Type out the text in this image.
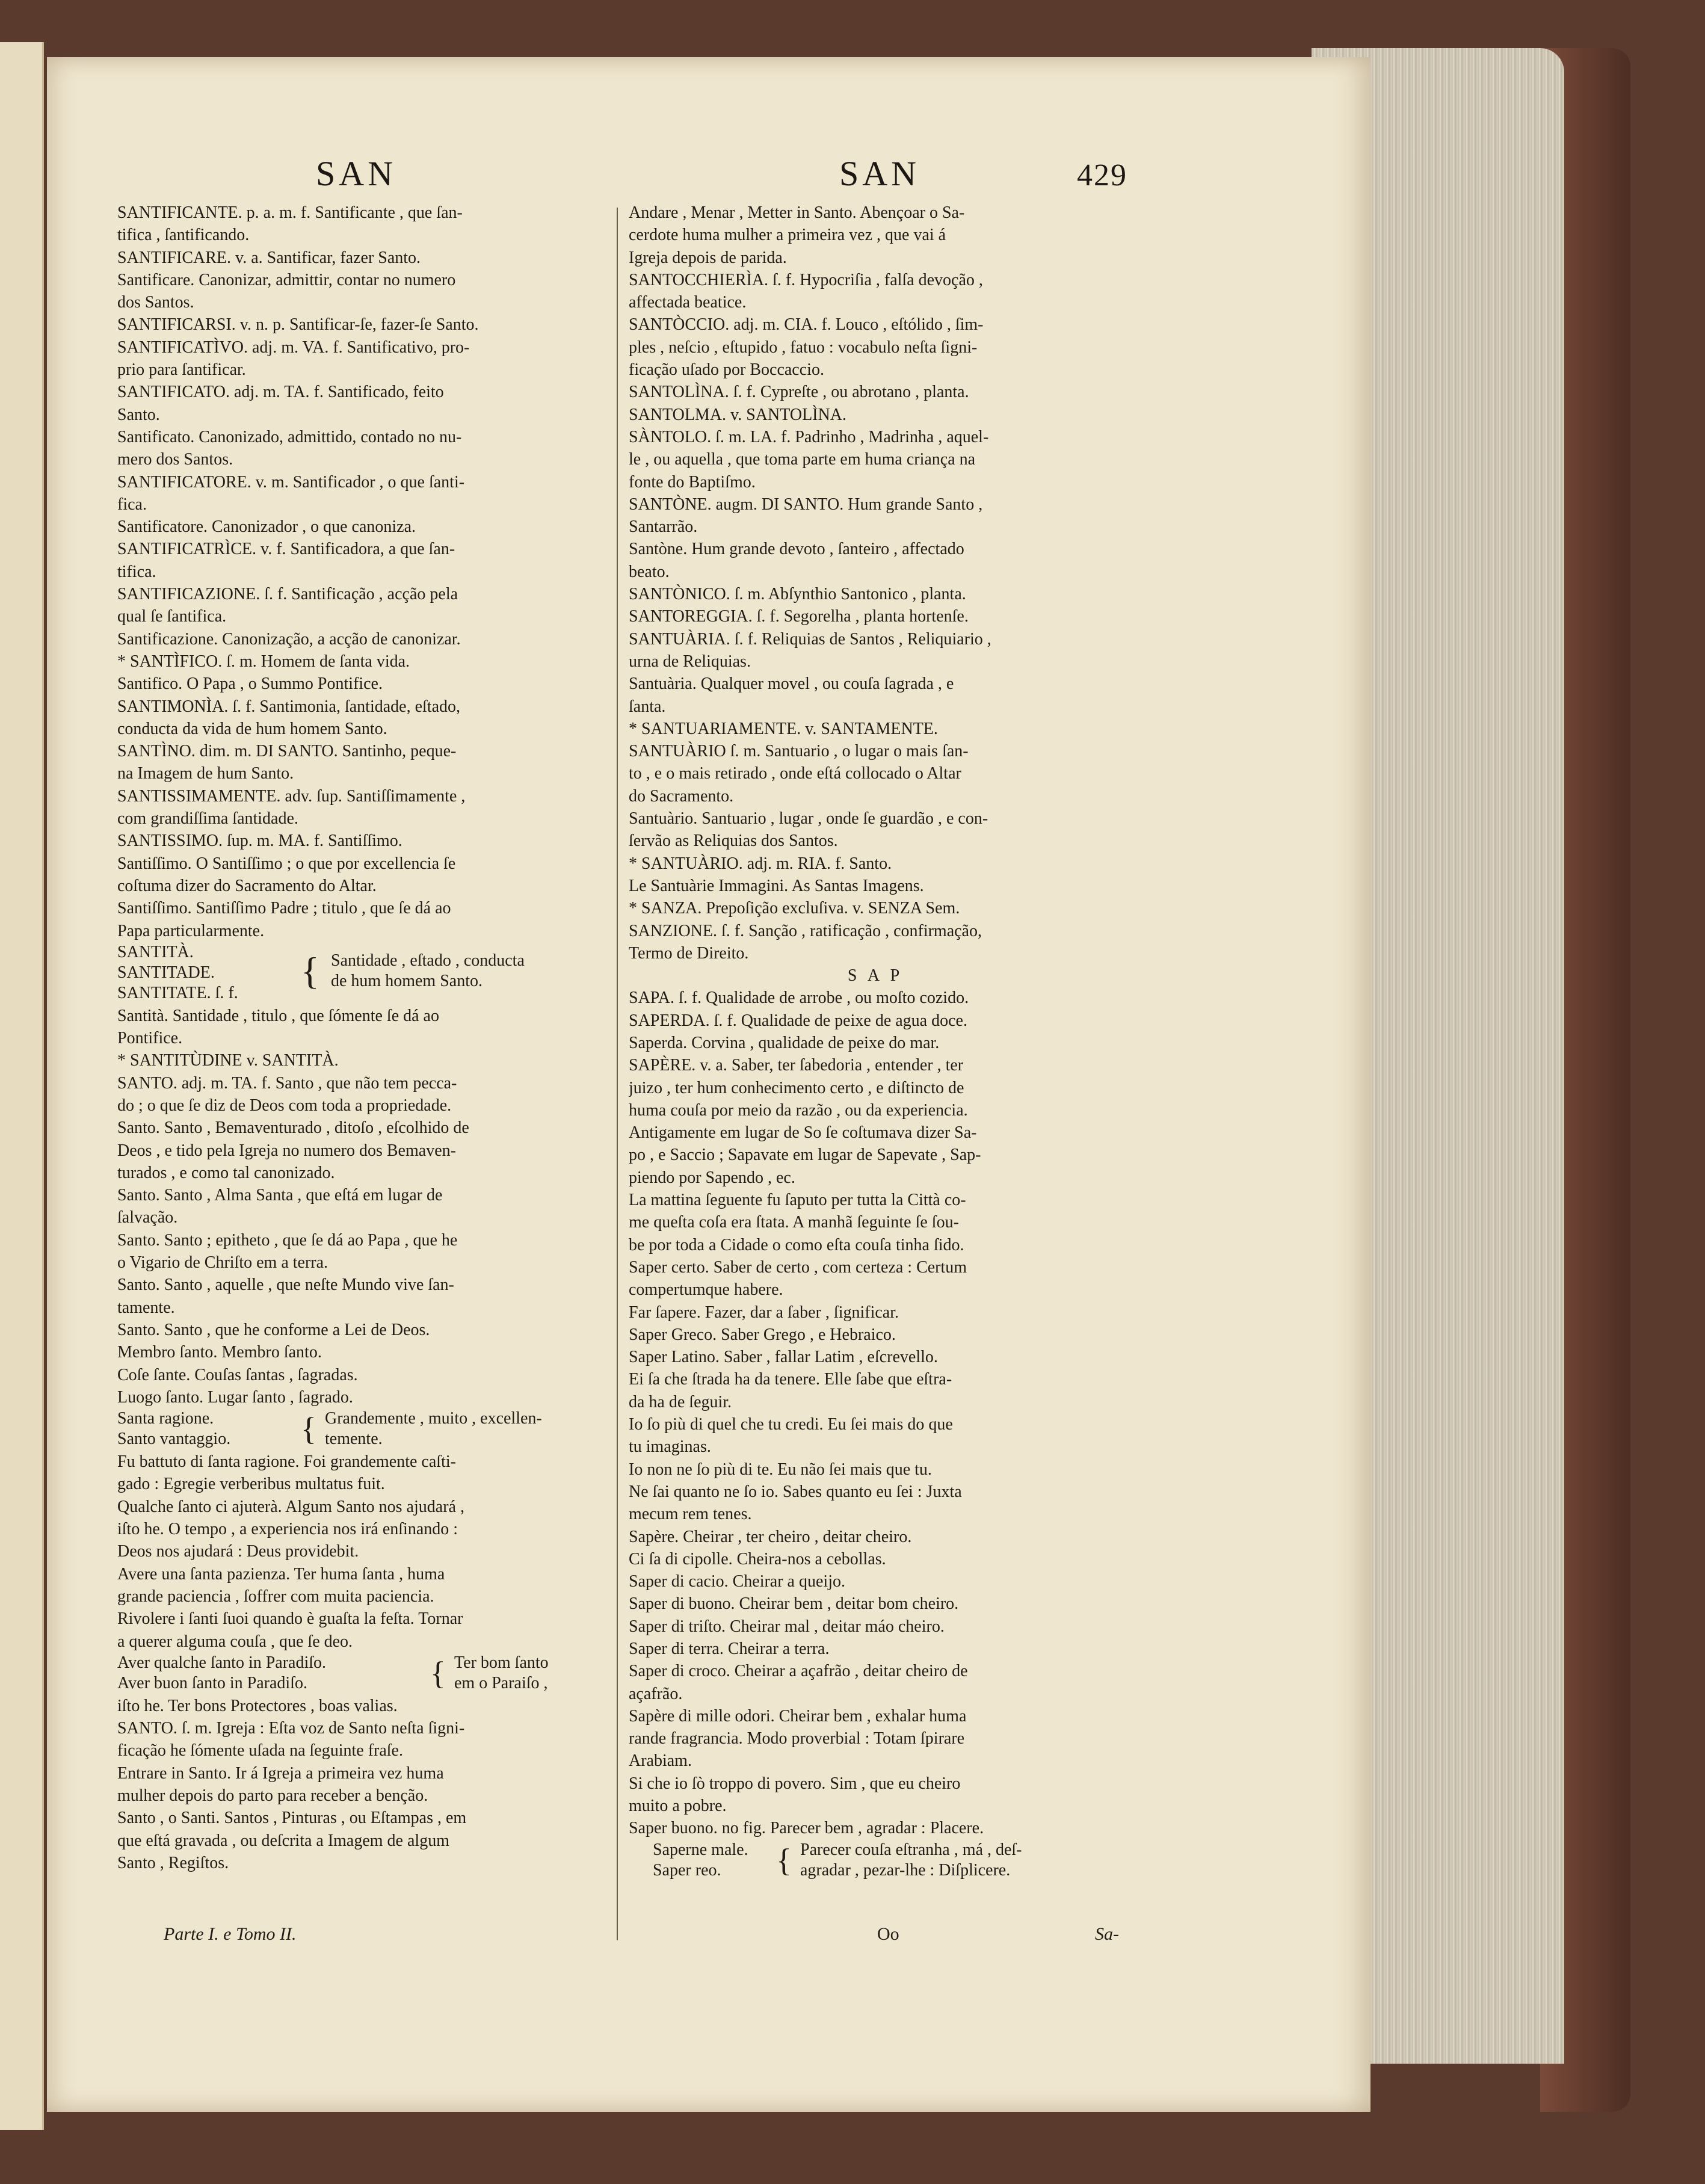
SAN	SAN	429
SANTIFICANTE. p. a. m. f. Santificante , que ſan-
tifica , ſantificando.
SANTIFICARE. v. a. Santificar, fazer Santo.
Santificare. Canonizar, admittir, contar no numero
dos Santos.
SANTIFICARSI. v. n. p. Santificar-ſe, fazer-ſe Santo.
SANTIFICATÌVO. adj. m. VA. f. Santificativo, pro-
prio para ſantificar.
SANTIFICATO. adj. m. TA. f. Santificado, feito
Santo.
Santificato. Canonizado, admittido, contado no nu-
mero dos Santos.
SANTIFICATORE. v. m. Santificador , o que ſanti-
fica.
Santificatore. Canonizador , o que canoniza.
SANTIFICATRÌCE. v. f. Santificadora, a que ſan-
tifica.
SANTIFICAZIONE. ſ. f. Santificação , acção pela
qual ſe ſantifica.
Santificazione. Canonização, a acção de canonizar.
* SANTÌFICO. ſ. m. Homem de ſanta vida.
Santifico. O Papa , o Summo Pontifice.
SANTIMONÌA. ſ. f. Santimonia, ſantidade, eſtado,
conducta da vida de hum homem Santo.
SANTÌNO. dim. m. DI SANTO. Santinho, peque-
na Imagem de hum Santo.
SANTISSIMAMENTE. adv. ſup. Santiſſimamente ,
com grandiſſima ſantidade.
SANTISSIMO. ſup. m. MA. f. Santiſſimo.
Santiſſimo. O Santiſſimo ; o que por excellencia ſe
coſtuma dizer do Sacramento do Altar.
Santiſſimo. Santiſſimo Padre ; titulo , que ſe dá ao
Papa particularmente.
SANTITÀ.
SANTITADE.
SANTITATE. ſ. f.
{ Santidade , eſtado , conducta
de hum homem Santo.
Santità. Santidade , titulo , que ſómente ſe dá ao
Pontifice.
* SANTITÙDINE v. SANTITÀ.
SANTO. adj. m. TA. f. Santo , que não tem pecca-
do ; o que ſe diz de Deos com toda a propriedade.
Santo. Santo , Bemaventurado , ditoſo , eſcolhido de
Deos , e tido pela Igreja no numero dos Bemaven-
turados , e como tal canonizado.
Santo. Santo , Alma Santa , que eſtá em lugar de
ſalvação.
Santo. Santo ; epitheto , que ſe dá ao Papa , que he
o Vigario de Chriſto em a terra.
Santo. Santo , aquelle , que neſte Mundo vive ſan-
tamente.
Santo. Santo , que he conforme a Lei de Deos.
Membro ſanto. Membro ſanto.
Coſe ſante. Couſas ſantas , ſagradas.
Luogo ſanto. Lugar ſanto , ſagrado.
Santa ragione.
Santo vantaggio.	{ Grandemente , muito , excellen-
temente.
Fu battuto di ſanta ragione. Foi grandemente caſti-
gado : Egregie verberibus multatus fuit.
Qualche ſanto ci ajuterà. Algum Santo nos ajudará ,
iſto he. O tempo , a experiencia nos irá enſinando :
Deos nos ajudará : Deus providebit.
Avere una ſanta pazienza. Ter huma ſanta , huma
grande paciencia , ſoffrer com muita paciencia.
Rivolere i ſanti ſuoi quando è guaſta la feſta. Tornar
a querer alguma couſa , que ſe deo.
Aver qualche ſanto in Paradiſo.
Aver buon ſanto in Paradiſo.	{ Ter bom ſanto
em o Paraiſo ,
iſto he. Ter bons Protectores , boas valias.
SANTO. ſ. m. Igreja : Eſta voz de Santo neſta ſigni-
ficação he ſómente uſada na ſeguinte fraſe.
Entrare in Santo. Ir á Igreja a primeira vez huma
mulher depois do parto para receber a benção.
Santo , o Santi. Santos , Pinturas , ou Eſtampas , em
que eſtá gravada , ou deſcrita a Imagem de algum
Santo , Regiſtos.
Andare , Menar , Metter in Santo. Abençoar o Sa-
cerdote huma mulher a primeira vez , que vai á
Igreja depois de parida.
SANTOCCHIERÌA. ſ. f. Hypocriſia , falſa devoção ,
affectada beatice.
SANTÒCCIO. adj. m. CIA. f. Louco , eſtólido , ſim-
ples , neſcio , eſtupido , fatuo : vocabulo neſta ſigni-
ficação uſado por Boccaccio.
SANTOLÌNA. ſ. f. Cypreſte , ou abrotano , planta.
SANTOLMA. v. SANTOLÌNA.
SÀNTOLO. ſ. m. LA. f. Padrinho , Madrinha , aquel-
le , ou aquella , que toma parte em huma criança na
fonte do Baptiſmo.
SANTÒNE. augm. DI SANTO. Hum grande Santo ,
Santarrão.
Santòne. Hum grande devoto , ſanteiro , affectado
beato.
SANTÒNICO. ſ. m. Abſynthio Santonico , planta.
SANTOREGGIA. ſ. f. Segorelha , planta hortenſe.
SANTUÀRIA. ſ. f. Reliquias de Santos , Reliquiario ,
urna de Reliquias.
Santuària. Qualquer movel , ou couſa ſagrada , e
ſanta.
* SANTUARIAMENTE. v. SANTAMENTE.
SANTUÀRIO ſ. m. Santuario , o lugar o mais ſan-
to , e o mais retirado , onde eſtá collocado o Altar
do Sacramento.
Santuàrio. Santuario , lugar , onde ſe guardão , e con-
ſervão as Reliquias dos Santos.
* SANTUÀRIO. adj. m. RIA. f. Santo.
Le Santuàrie Immagini. As Santas Imagens.
* SANZA. Prepoſição excluſiva. v. SENZA Sem.
SANZIONE. ſ. f. Sanção , ratificação , confirmação,
Termo de Direito.
S A P
SAPA. ſ. f. Qualidade de arrobe , ou moſto cozido.
SAPERDA. ſ. f. Qualidade de peixe de agua doce.
Saperda. Corvina , qualidade de peixe do mar.
SAPÈRE. v. a. Saber, ter ſabedoria , entender , ter
juizo , ter hum conhecimento certo , e diſtincto de
huma couſa por meio da razão , ou da experiencia.
Antigamente em lugar de So ſe coſtumava dizer Sa-
po , e Saccio ; Sapavate em lugar de Sapevate , Sap-
piendo por Sapendo , ec.
La mattina ſeguente fu ſaputo per tutta la Città co-
me queſta coſa era ſtata. A manhã ſeguinte ſe ſou-
be por toda a Cidade o como eſta couſa tinha ſido.
Saper certo. Saber de certo , com certeza : Certum
compertumque habere.
Far ſapere. Fazer, dar a ſaber , ſignificar.
Saper Greco. Saber Grego , e Hebraico.
Saper Latino. Saber , fallar Latim , eſcrevello.
Ei ſa che ſtrada ha da tenere. Elle ſabe que eſtra-
da ha de ſeguir.
Io ſo più di quel che tu credi. Eu ſei mais do que
tu imaginas.
Io non ne ſo più di te. Eu não ſei mais que tu.
Ne ſai quanto ne ſo io. Sabes quanto eu ſei : Juxta
mecum rem tenes.
Sapère. Cheirar , ter cheiro , deitar cheiro.
Ci ſa di cipolle. Cheira-nos a cebollas.
Saper di cacio. Cheirar a queijo.
Saper di buono. Cheirar bem , deitar bom cheiro.
Saper di triſto. Cheirar mal , deitar máo cheiro.
Saper di terra. Cheirar a terra.
Saper di croco. Cheirar a açafrão , deitar cheiro de
açafrão.
Sapère di mille odori. Cheirar bem , exhalar huma
rande fragrancia. Modo proverbial : Totam ſpirare
Arabiam.
Si che io ſò troppo di povero. Sim , que eu cheiro
muito a pobre.
Saper buono. no fig. Parecer bem , agradar : Placere.
Saperne male.
Saper reo.	{ Parecer couſa eſtranha , má , deſ-
agradar , pezar-lhe : Diſplicere.
Parte I. e Tomo II.	Oo	Sa-
